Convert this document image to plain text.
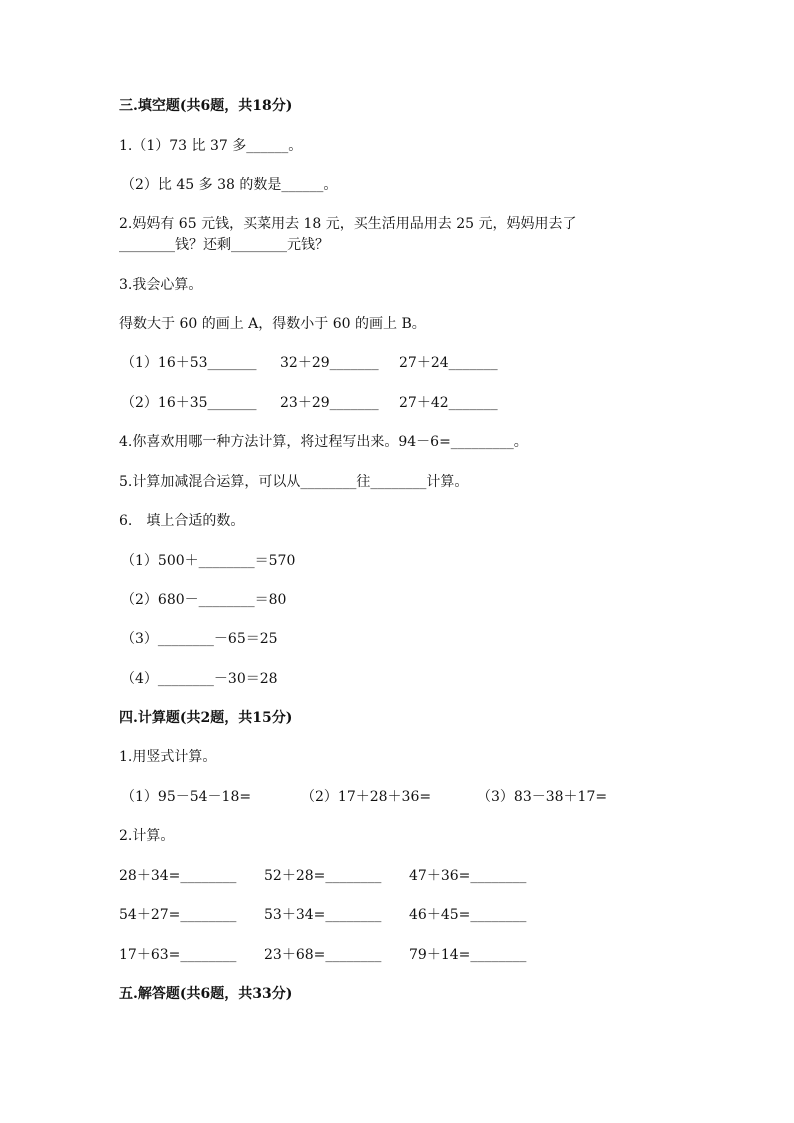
三.填空题(共6题，共18分)
1.（1）73 比 37 多______。
（2）比 45 多 38 的数是______。
2.妈妈有 65 元钱，买菜用去 18 元，买生活用品用去 25 元，妈妈用去了
________钱？还剩________元钱？
3.我会心算。
得数大于 60 的画上 A，得数小于 60 的画上 B。
（1）16＋53_______ 32＋29_______ 27＋24_______
（2）16＋35_______ 23＋29_______ 27＋42_______
4.你喜欢用哪一种方法计算，将过程写出来。94－6=_________。
5.计算加减混合运算，可以从________往________计算。
6.　填上合适的数。
（1）500＋________＝570
（2）680－________＝80
（3）________－65＝25
（4）________－30＝28
四.计算题(共2题，共15分)
1.用竖式计算。
（1）95－54－18=	（2）17＋28＋36=	（3）83－38＋17=
2.计算。
28＋34=________ 52＋28=________ 47＋36=________
54＋27=________ 53＋34=________ 46＋45=________
17＋63=________ 23＋68=________ 79＋14=________
五.解答题(共6题，共33分)
